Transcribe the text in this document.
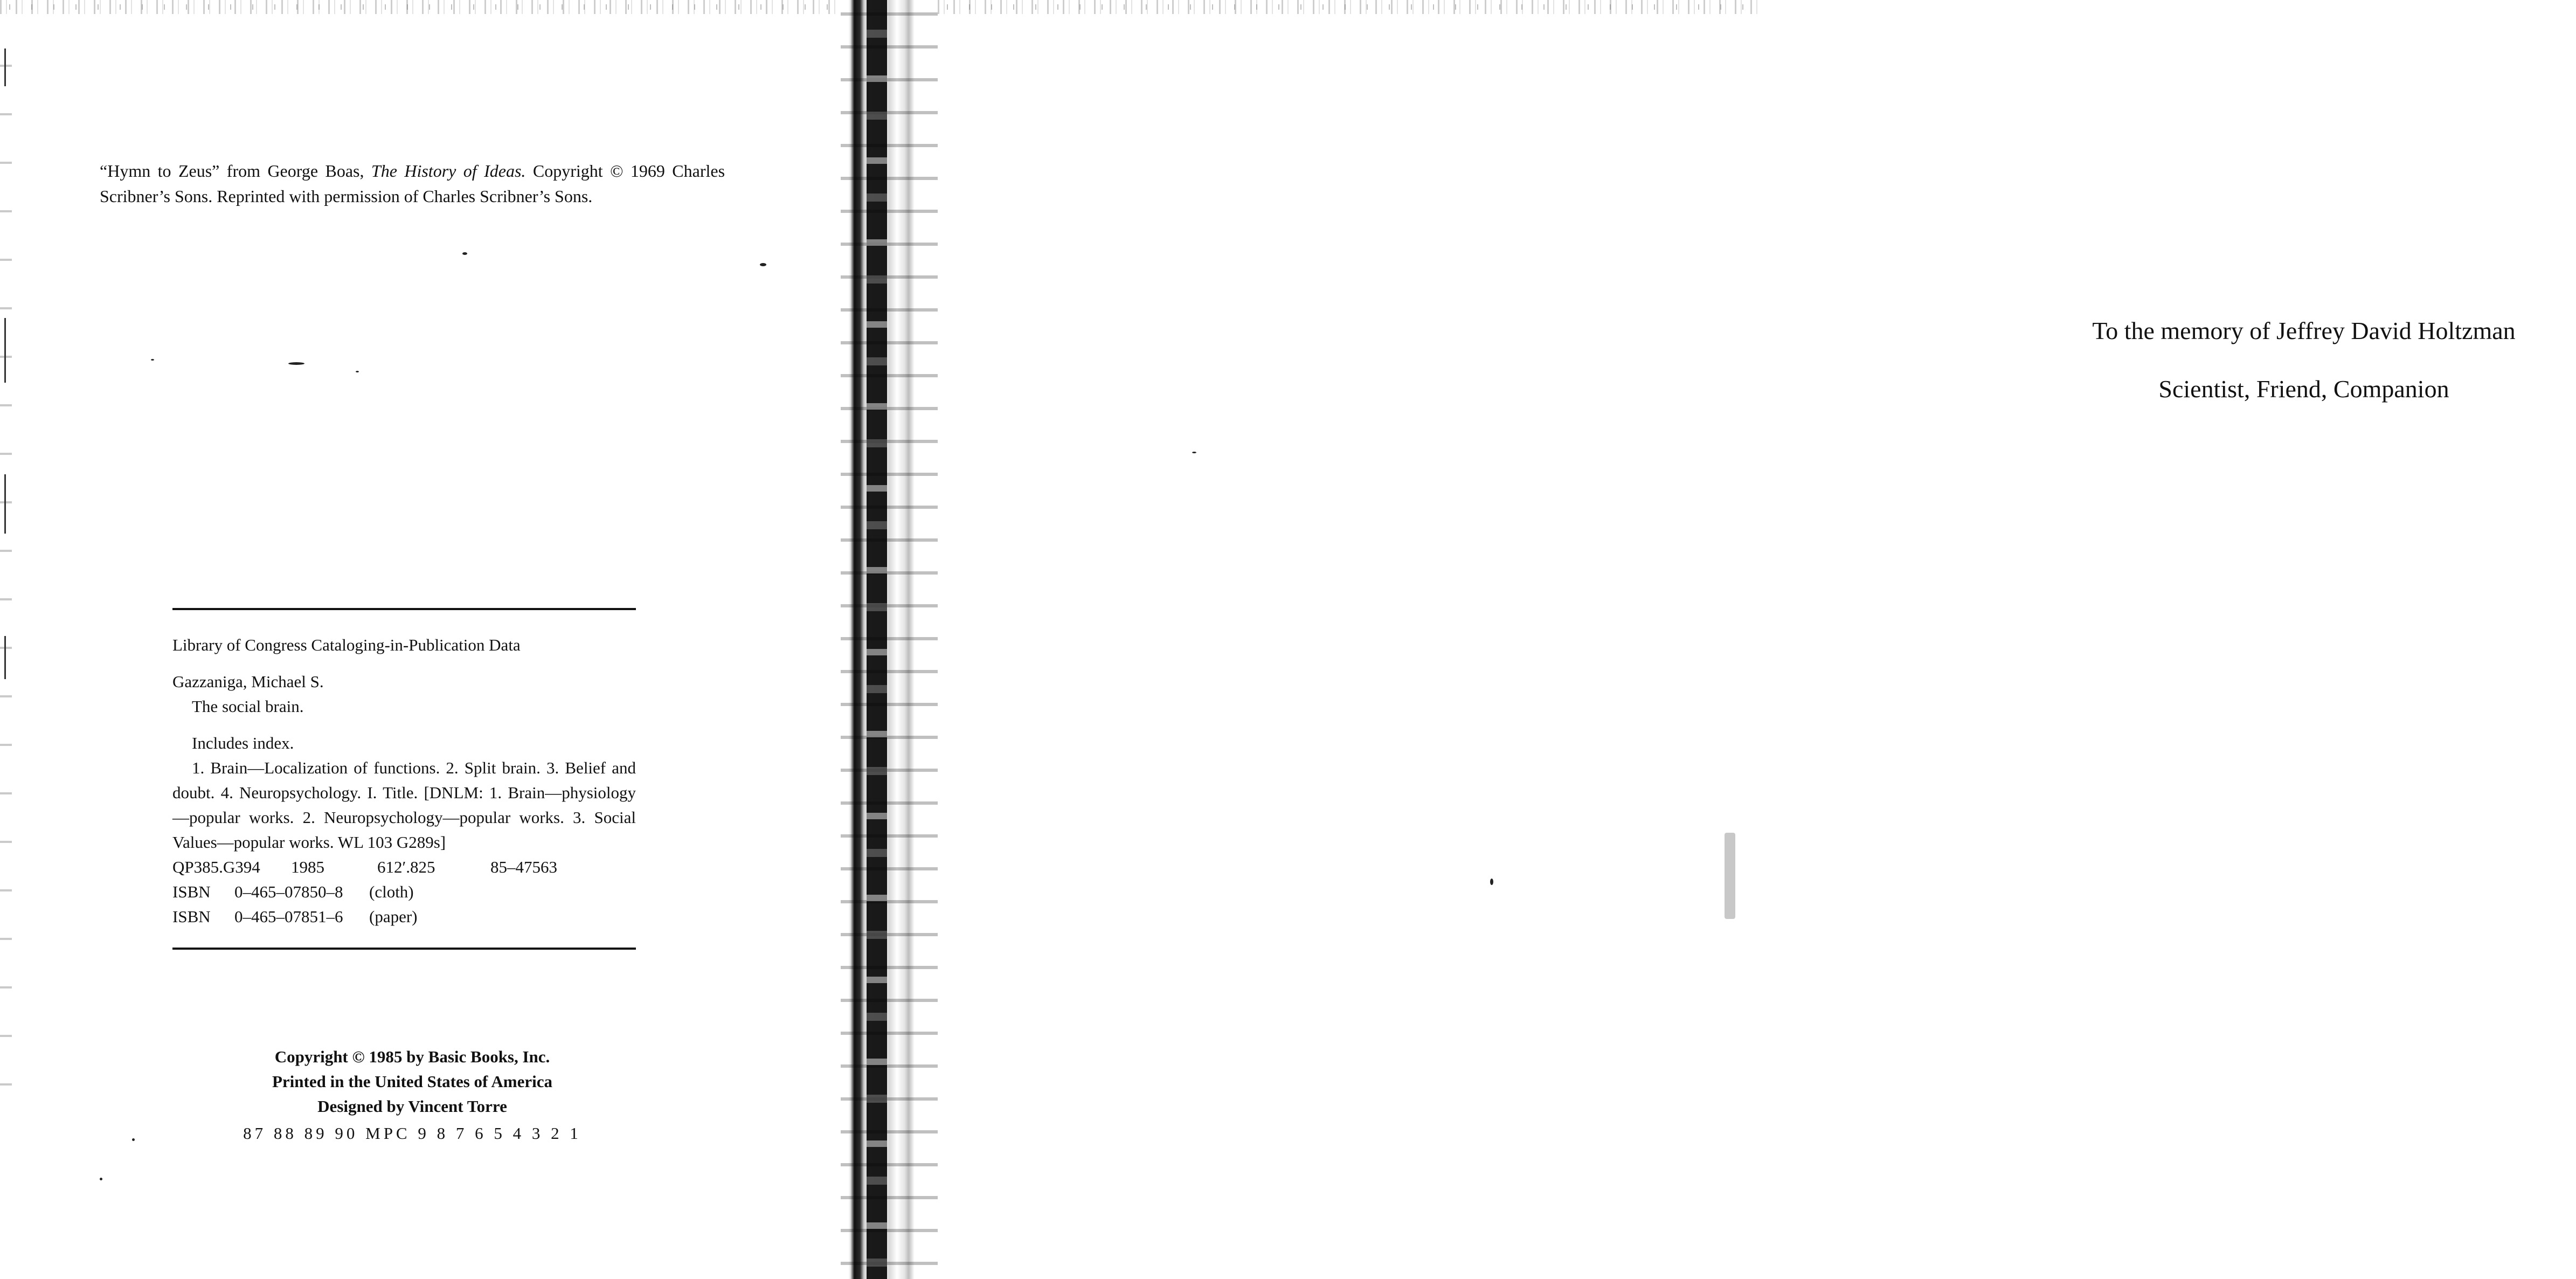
“Hymn to Zeus” from George Boas, The History of Ideas. Copyright © 1969 Charles Scribner’s Sons. Reprinted with permission of Charles Scribner’s Sons.

Library of Congress Cataloging-in-Publication Data
Gazzaniga, Michael S.
The social brain.
Includes index.
1. Brain—Localization of functions. 2. Split brain. 3. Belief and doubt. 4. Neuropsychology. I. Title. [DNLM: 1. Brain—physiology—popular works. 2. Neuropsychology—popular works. 3. Social Values—popular works. WL 103 G289s]
QP385.G394	1985	612′.825	85–47563
ISBN	0–465–07850–8	(cloth)
ISBN	0–465–07851–6	(paper)
Copyright © 1985 by Basic Books, Inc.
Printed in the United States of America
Designed by Vincent Torre
87 88 89 90 MPC 9 8 7 6 5 4 3 2 1
To the memory of Jeffrey David Holtzman
Scientist, Friend, Companion
